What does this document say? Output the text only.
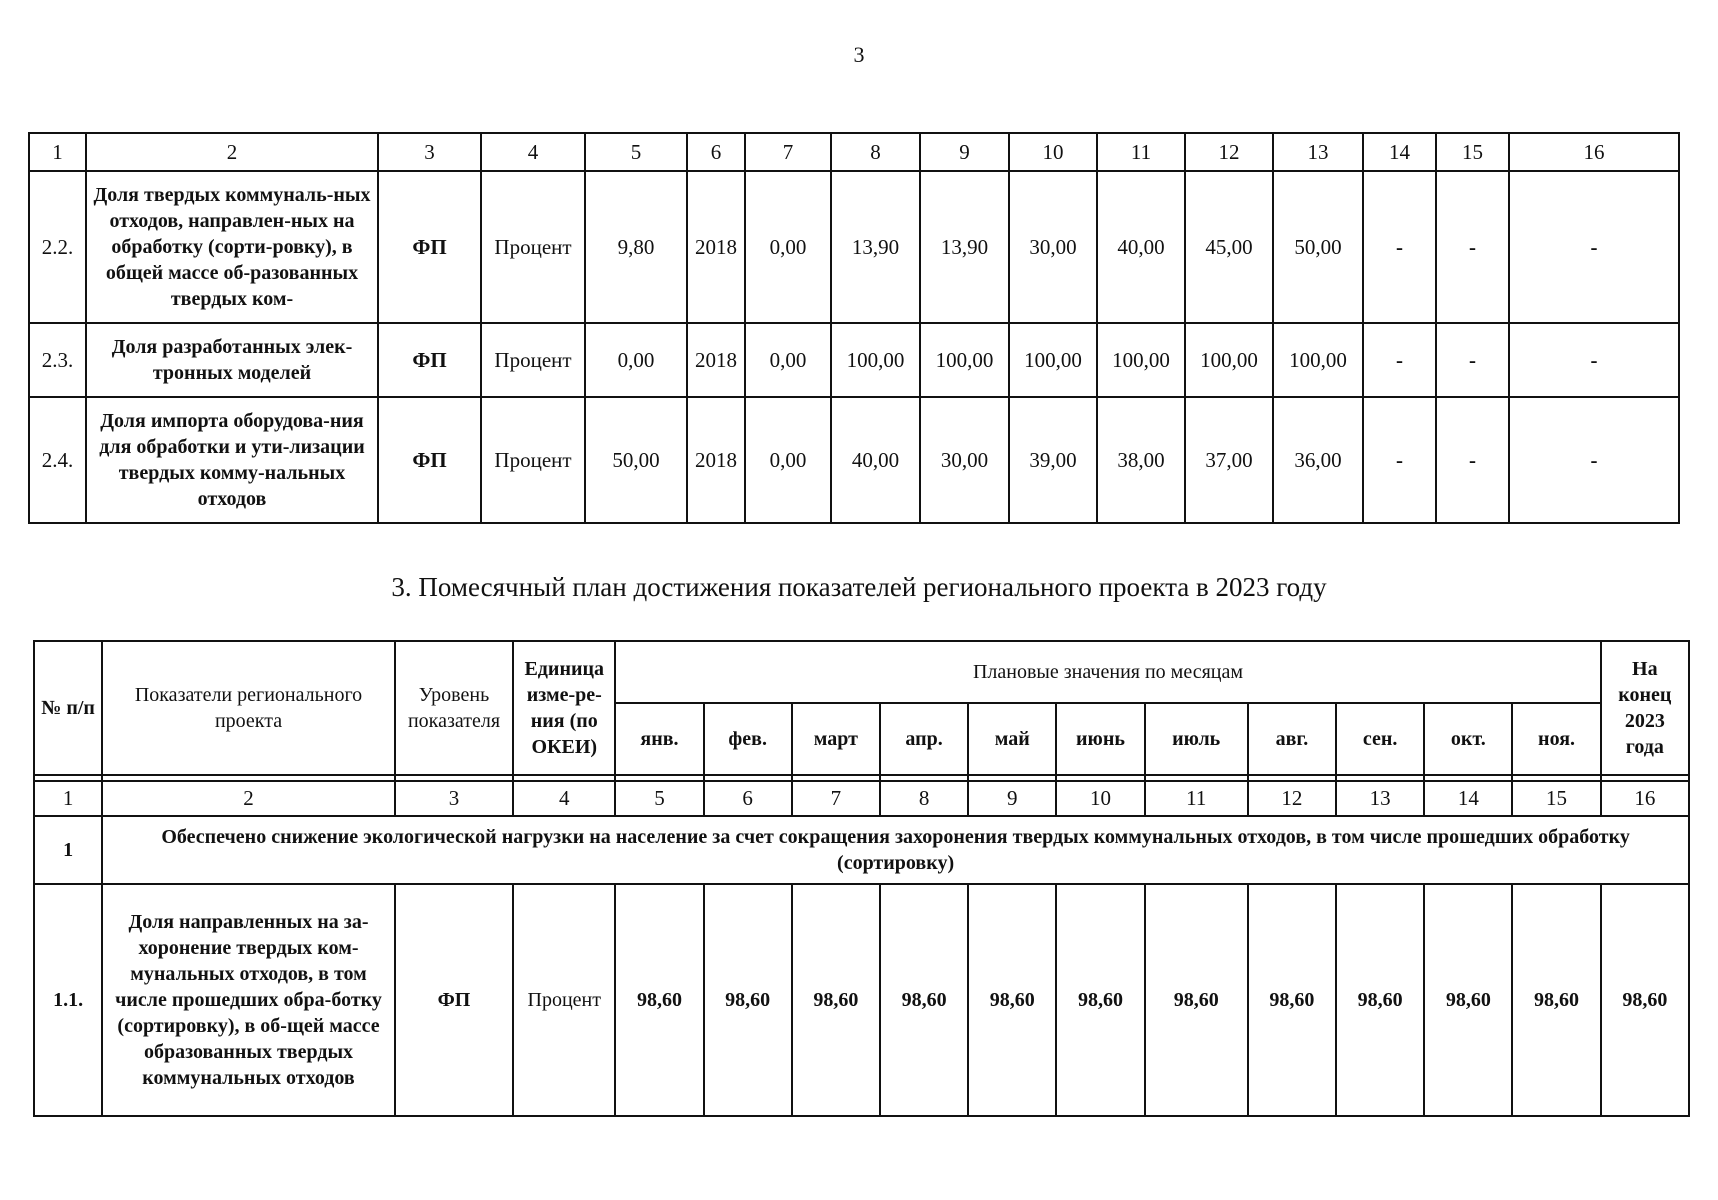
3
1	2	3	4	5	6	7	8	9	10	11	12	13	14	15	16
2.2.	Доля твердых коммуналь-ных отходов, направлен-ных на обработку (сорти-ровку), в общей массе об-разованных твердых ком-	ФП	Процент	9,80	2018	0,00	13,90	13,90	30,00	40,00	45,00	50,00	-	-	-
2.3.	Доля разработанных элек-тронных моделей	ФП	Процент	0,00	2018	0,00	100,00	100,00	100,00	100,00	100,00	100,00	-	-	-
2.4.	Доля импорта оборудова-ния для обработки и ути-лизации твердых комму-нальных отходов	ФП	Процент	50,00	2018	0,00	40,00	30,00	39,00	38,00	37,00	36,00	-	-	-
3. Помесячный план достижения показателей регионального проекта в 2023 году
№ п/п	Показатели регионального проекта	Уровень показателя	Единица изме-ре-ния (по ОКЕИ)	Плановые значения по месяцам											На конец 2023 года
				янв.	фев.	март	апр.	май	июнь	июль	авг.	сен.	окт.	ноя.	

1	2	3	4	5	6	7	8	9	10	11	12	13	14	15	16
1	Обеспечено снижение экологической нагрузки на население за счет сокращения захоронения твердых коммунальных отходов, в том числе прошедших обработку (сортировку)														
1.1.	Доля направленных на за-хоронение твердых ком-мунальных отходов, в том числе прошедших обра-ботку (сортировку), в об-щей массе образованных твердых коммунальных отходов	ФП	Процент	98,60	98,60	98,60	98,60	98,60	98,60	98,60	98,60	98,60	98,60	98,60	98,60
